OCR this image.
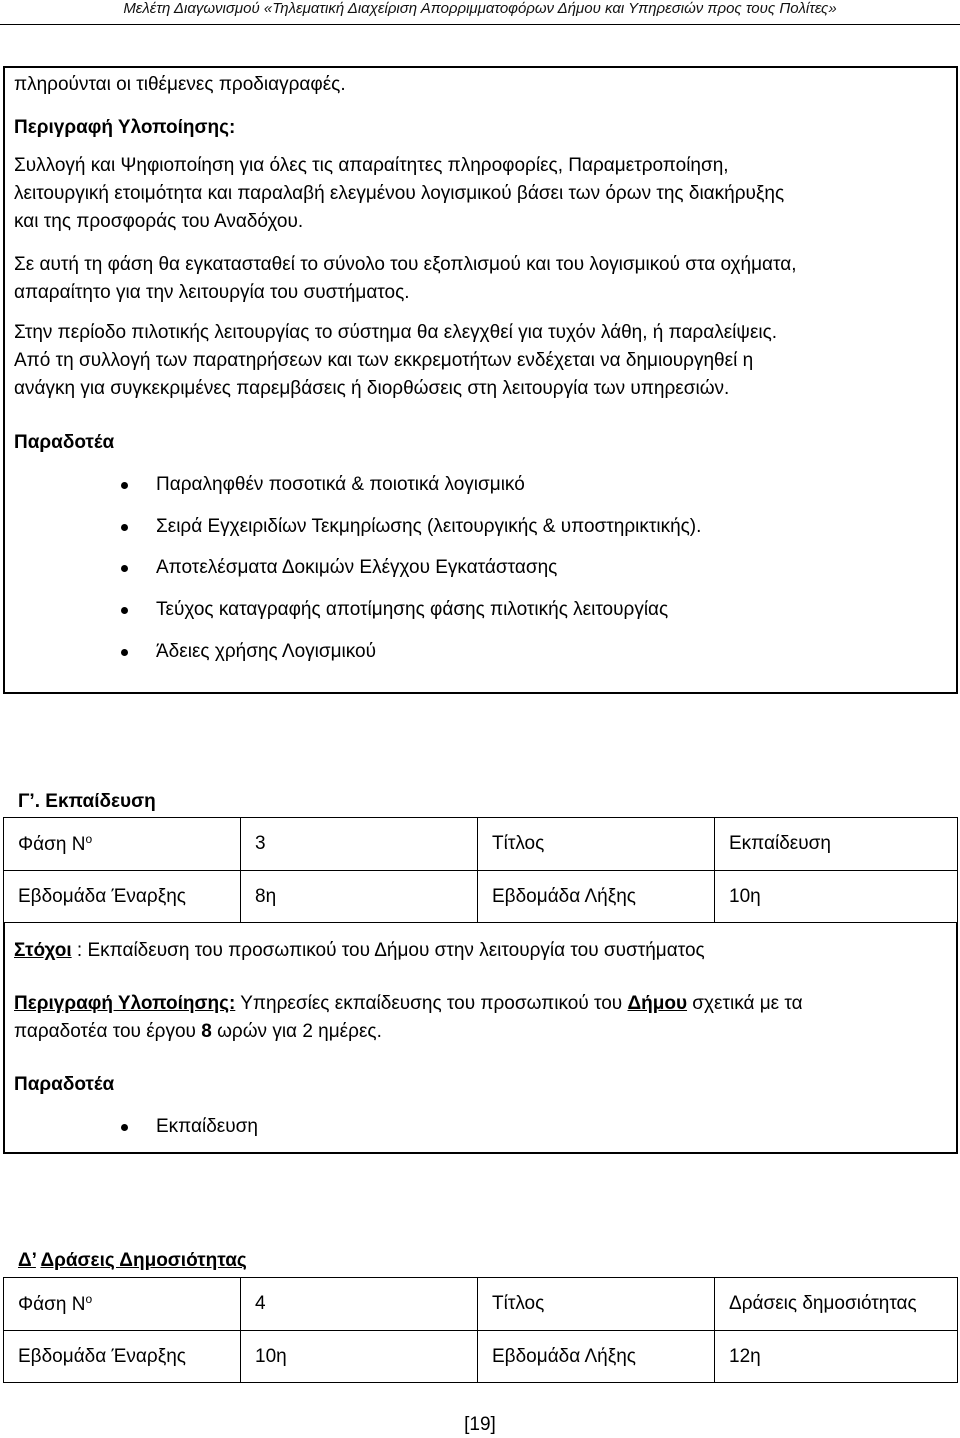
Μελέτη Διαγωνισμού «Τηλεματική Διαχείριση Απορριμματοφόρων Δήμου και Υπηρεσιών προς τους Πολίτες»
πληρούνται οι τιθέμενες προδιαγραφές.
Περιγραφή Υλοποίησης:
Συλλογή και Ψηφιοποίηση για όλες τις απαραίτητες πληροφορίες, Παραμετροποίηση,
λειτουργική ετοιμότητα και παραλαβή ελεγμένου λογισμικού βάσει των όρων της διακήρυξης
και της προσφοράς του Αναδόχου.
Σε αυτή τη φάση θα εγκατασταθεί το σύνολο του εξοπλισμού και του λογισμικού στα οχήματα,
απαραίτητο για την λειτουργία του συστήματος.
Στην περίοδο πιλοτικής λειτουργίας το σύστημα θα ελεγχθεί για τυχόν λάθη, ή παραλείψεις.
Από τη συλλογή των παρατηρήσεων και των εκκρεμοτήτων ενδέχεται να δημιουργηθεί η
ανάγκη για συγκεκριμένες παρεμβάσεις ή διορθώσεις στη λειτουργία των υπηρεσιών.
Παραδοτέα
Παραληφθέν ποσοτικά & ποιοτικά λογισμικό
Σειρά Εγχειριδίων Τεκμηρίωσης (λειτουργικής & υποστηρικτικής).
Αποτελέσματα Δοκιμών Ελέγχου Εγκατάστασης
Τεύχος καταγραφής αποτίμησης φάσης πιλοτικής λειτουργίας
Άδειες χρήσης Λογισμικού
Γ’. Εκπαίδευση
Φάση $N^o$	3	Τίτλος	Εκπαίδευση
Εβδομάδα Έναρξης	8η	Εβδομάδα Λήξης	10η
Στόχοι : Εκπαίδευση του προσωπικού του Δήμου στην λειτουργία του συστήματος
Περιγραφή Υλοποίησης: Υπηρεσίες εκπαίδευσης του προσωπικού του Δήμου σχετικά με τα
παραδοτέα του έργου 8 ωρών για 2 ημέρες.
Παραδοτέα
Εκπαίδευση
Δ’ Δράσεις Δημοσιότητας
Φάση $N^o$	4	Τίτλος	Δράσεις δημοσιότητας
Εβδομάδα Έναρξης	10η	Εβδομάδα Λήξης	12η
[19]
